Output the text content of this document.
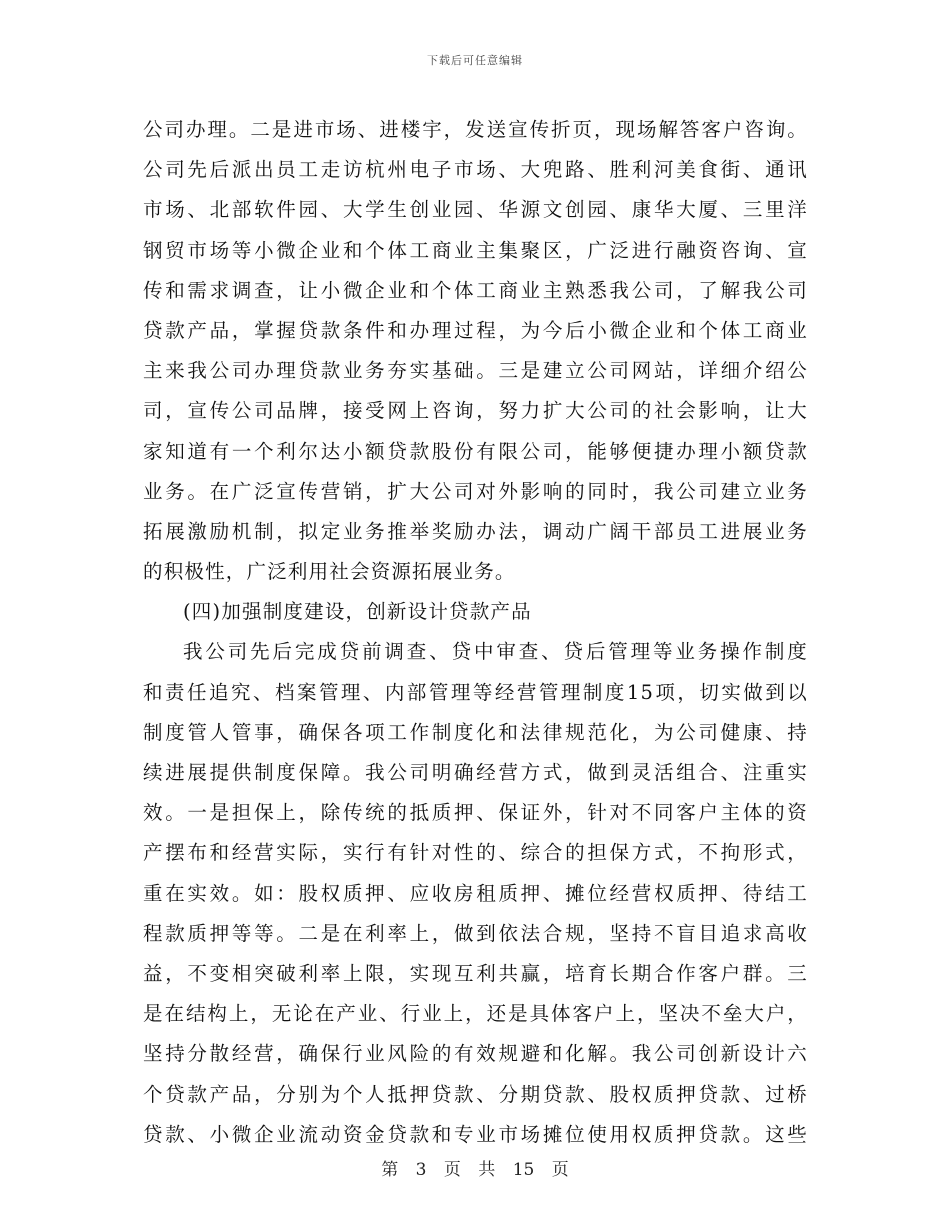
下载后可任意编辑
公司办理。二是进市场、进楼宇，发送宣传折页，现场解答客户咨询。
公司先后派出员工走访杭州电子市场、大兜路、胜利河美食街、通讯
市场、北部软件园、大学生创业园、华源文创园、康华大厦、三里洋
钢贸市场等小微企业和个体工商业主集聚区，广泛进行融资咨询、宣
传和需求调查，让小微企业和个体工商业主熟悉我公司，了解我公司
贷款产品，掌握贷款条件和办理过程，为今后小微企业和个体工商业
主来我公司办理贷款业务夯实基础。三是建立公司网站，详细介绍公
司，宣传公司品牌，接受网上咨询，努力扩大公司的社会影响，让大
家知道有一个利尔达小额贷款股份有限公司，能够便捷办理小额贷款
业务。在广泛宣传营销，扩大公司对外影响的同时，我公司建立业务
拓展激励机制，拟定业务推举奖励办法，调动广阔干部员工进展业务
的积极性，广泛利用社会资源拓展业务。
(四)加强制度建设，创新设计贷款产品
我公司先后完成贷前调查、贷中审查、贷后管理等业务操作制度
和责任追究、档案管理、内部管理等经营管理制度15项，切实做到以
制度管人管事，确保各项工作制度化和法律规范化，为公司健康、持
续进展提供制度保障。我公司明确经营方式，做到灵活组合、注重实
效。一是担保上，除传统的抵质押、保证外，针对不同客户主体的资
产摆布和经营实际，实行有针对性的、综合的担保方式，不拘形式，
重在实效。如：股权质押、应收房租质押、摊位经营权质押、待结工
程款质押等等。二是在利率上，做到依法合规，坚持不盲目追求高收
益，不变相突破利率上限，实现互利共赢，培育长期合作客户群。三
是在结构上，无论在产业、行业上，还是具体客户上，坚决不垒大户，
坚持分散经营，确保行业风险的有效规避和化解。我公司创新设计六
个贷款产品，分别为个人抵押贷款、分期贷款、股权质押贷款、过桥
贷款、小微企业流动资金贷款和专业市场摊位使用权质押贷款。这些
第 3 页 共 15 页
